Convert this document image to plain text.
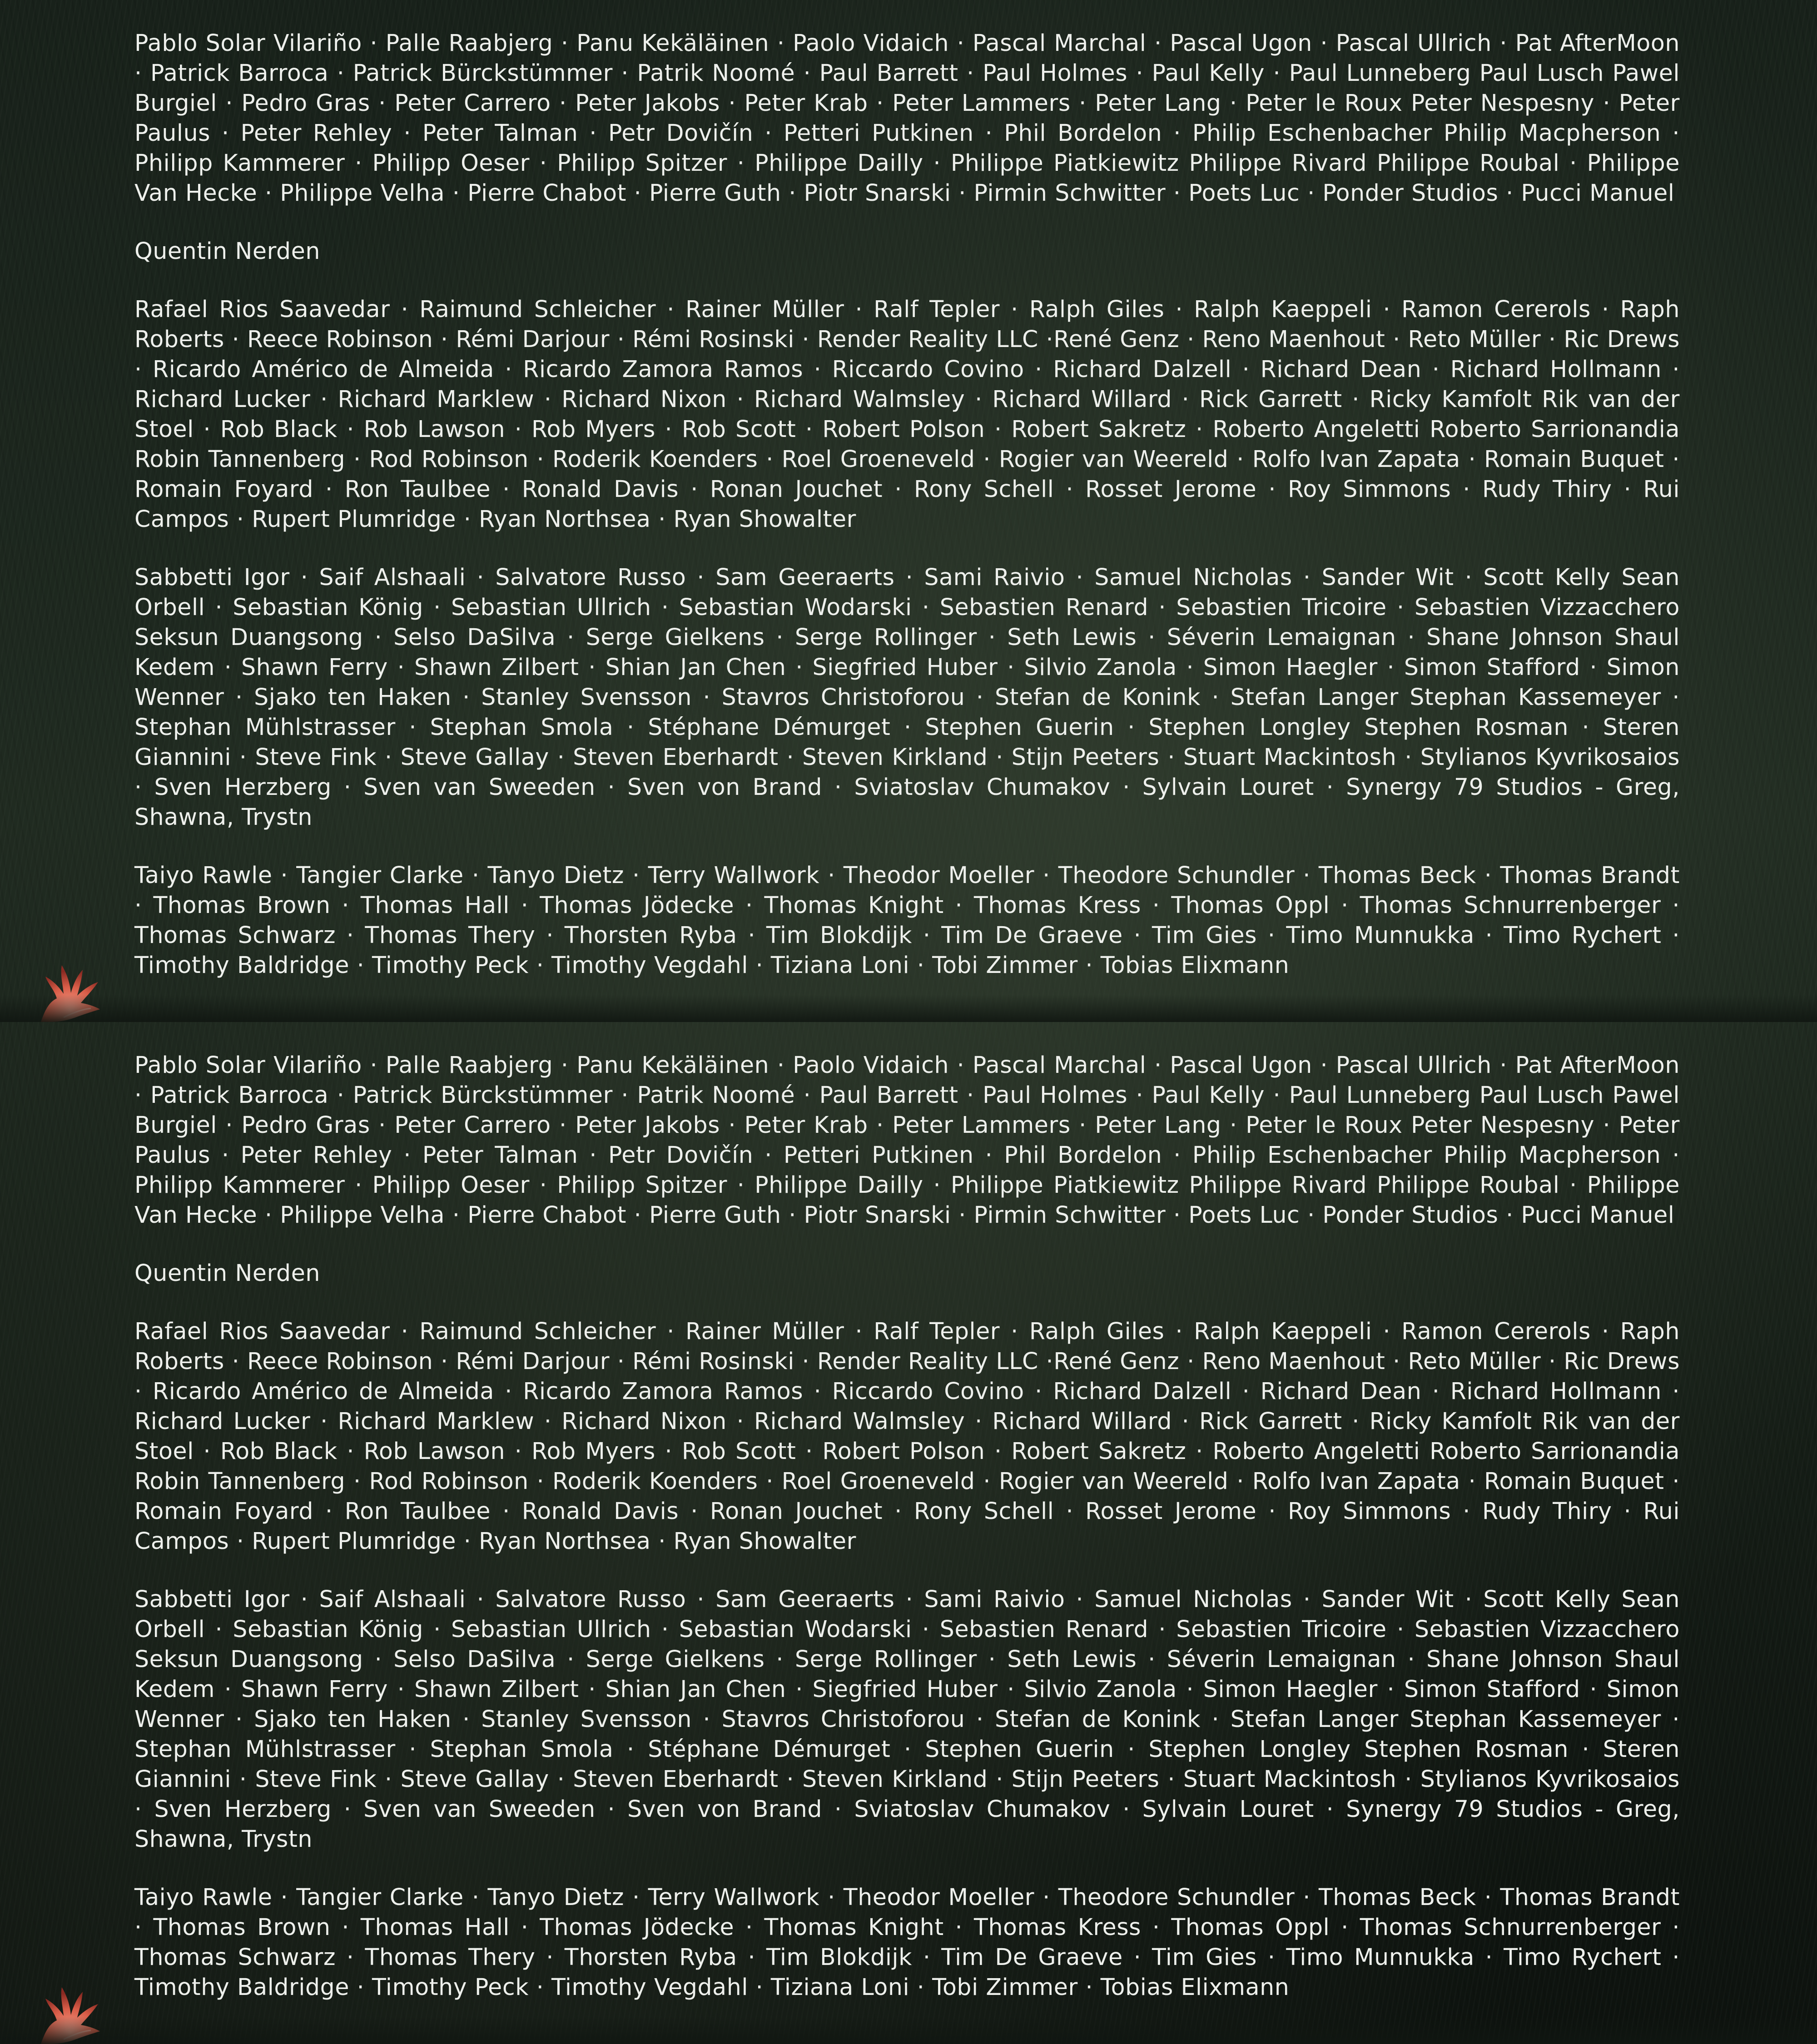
Pablo Solar Vilariño · Palle Raabjerg · Panu Kekäläinen · Paolo Vidaich · Pascal Marchal · Pascal Ugon · Pascal Ullrich · Pat AfterMoon · Patrick Barroca · Patrick Bürckstümmer · Patrik Noomé · Paul Barrett · Paul Holmes · Paul Kelly · Paul Lunneberg Paul Lusch Pawel Burgiel · Pedro Gras · Peter Carrero · Peter Jakobs · Peter Krab · Peter Lammers · Peter Lang · Peter le Roux Peter Nespesny · Peter Paulus · Peter Rehley · Peter Talman · Petr Dovičín · Petteri Putkinen · Phil Bordelon · Philip Eschenbacher Philip Macpherson · Philipp Kammerer · Philipp Oeser · Philipp Spitzer · Philippe Dailly · Philippe Piatkiewitz Philippe Rivard Philippe Roubal · Philippe Van Hecke · Philippe Velha · Pierre Chabot · Pierre Guth · Piotr Snarski · Pirmin Schwitter · Poets Luc · Ponder Studios · Pucci Manuel

Quentin Nerden

Rafael Rios Saavedar · Raimund Schleicher · Rainer Müller · Ralf Tepler · Ralph Giles · Ralph Kaeppeli · Ramon Cererols · Raph Roberts · Reece Robinson · Rémi Darjour · Rémi Rosinski · Render Reality LLC ·René Genz · Reno Maenhout · Reto Müller · Ric Drews · Ricardo Américo de Almeida · Ricardo Zamora Ramos · Riccardo Covino · Richard Dalzell · Richard Dean · Richard Hollmann · Richard Lucker · Richard Marklew · Richard Nixon · Richard Walmsley · Richard Willard · Rick Garrett · Ricky Kamfolt Rik van der Stoel · Rob Black · Rob Lawson · Rob Myers · Rob Scott · Robert Polson · Robert Sakretz · Roberto Angeletti Roberto Sarrionandia Robin Tannenberg · Rod Robinson · Roderik Koenders · Roel Groeneveld · Rogier van Weereld · Rolfo Ivan Zapata · Romain Buquet · Romain Foyard · Ron Taulbee · Ronald Davis · Ronan Jouchet · Rony Schell · Rosset Jerome · Roy Simmons · Rudy Thiry · Rui Campos · Rupert Plumridge · Ryan Northsea · Ryan Showalter

Sabbetti Igor · Saif Alshaali · Salvatore Russo · Sam Geeraerts · Sami Raivio · Samuel Nicholas · Sander Wit · Scott Kelly Sean Orbell · Sebastian König · Sebastian Ullrich · Sebastian Wodarski · Sebastien Renard · Sebastien Tricoire · Sebastien Vizzacchero Seksun Duangsong · Selso DaSilva · Serge Gielkens · Serge Rollinger · Seth Lewis · Séverin Lemaignan · Shane Johnson Shaul Kedem · Shawn Ferry · Shawn Zilbert · Shian Jan Chen · Siegfried Huber · Silvio Zanola · Simon Haegler · Simon Stafford · Simon Wenner · Sjako ten Haken · Stanley Svensson · Stavros Christoforou · Stefan de Konink · Stefan Langer Stephan Kassemeyer · Stephan Mühlstrasser · Stephan Smola · Stéphane Démurget · Stephen Guerin · Stephen Longley Stephen Rosman · Steren Giannini · Steve Fink · Steve Gallay · Steven Eberhardt · Steven Kirkland · Stijn Peeters · Stuart Mackintosh · Stylianos Kyvrikosaios · Sven Herzberg · Sven van Sweeden · Sven von Brand · Sviatoslav Chumakov · Sylvain Louret · Synergy 79 Studios - Greg, Shawna, Trystn

Taiyo Rawle · Tangier Clarke · Tanyo Dietz · Terry Wallwork · Theodor Moeller · Theodore Schundler · Thomas Beck · Thomas Brandt · Thomas Brown · Thomas Hall · Thomas Jödecke · Thomas Knight · Thomas Kress · Thomas Oppl · Thomas Schnurrenberger · Thomas Schwarz · Thomas Thery · Thorsten Ryba · Tim Blokdijk · Tim De Graeve · Tim Gies · Timo Munnukka · Timo Rychert · Timothy Baldridge · Timothy Peck · Timothy Vegdahl · Tiziana Loni · Tobi Zimmer · Tobias Elixmann

Pablo Solar Vilariño · Palle Raabjerg · Panu Kekäläinen · Paolo Vidaich · Pascal Marchal · Pascal Ugon · Pascal Ullrich · Pat AfterMoon · Patrick Barroca · Patrick Bürckstümmer · Patrik Noomé · Paul Barrett · Paul Holmes · Paul Kelly · Paul Lunneberg Paul Lusch Pawel Burgiel · Pedro Gras · Peter Carrero · Peter Jakobs · Peter Krab · Peter Lammers · Peter Lang · Peter le Roux Peter Nespesny · Peter Paulus · Peter Rehley · Peter Talman · Petr Dovičín · Petteri Putkinen · Phil Bordelon · Philip Eschenbacher Philip Macpherson · Philipp Kammerer · Philipp Oeser · Philipp Spitzer · Philippe Dailly · Philippe Piatkiewitz Philippe Rivard Philippe Roubal · Philippe Van Hecke · Philippe Velha · Pierre Chabot · Pierre Guth · Piotr Snarski · Pirmin Schwitter · Poets Luc · Ponder Studios · Pucci Manuel

Quentin Nerden

Rafael Rios Saavedar · Raimund Schleicher · Rainer Müller · Ralf Tepler · Ralph Giles · Ralph Kaeppeli · Ramon Cererols · Raph Roberts · Reece Robinson · Rémi Darjour · Rémi Rosinski · Render Reality LLC ·René Genz · Reno Maenhout · Reto Müller · Ric Drews · Ricardo Américo de Almeida · Ricardo Zamora Ramos · Riccardo Covino · Richard Dalzell · Richard Dean · Richard Hollmann · Richard Lucker · Richard Marklew · Richard Nixon · Richard Walmsley · Richard Willard · Rick Garrett · Ricky Kamfolt Rik van der Stoel · Rob Black · Rob Lawson · Rob Myers · Rob Scott · Robert Polson · Robert Sakretz · Roberto Angeletti Roberto Sarrionandia Robin Tannenberg · Rod Robinson · Roderik Koenders · Roel Groeneveld · Rogier van Weereld · Rolfo Ivan Zapata · Romain Buquet · Romain Foyard · Ron Taulbee · Ronald Davis · Ronan Jouchet · Rony Schell · Rosset Jerome · Roy Simmons · Rudy Thiry · Rui Campos · Rupert Plumridge · Ryan Northsea · Ryan Showalter

Sabbetti Igor · Saif Alshaali · Salvatore Russo · Sam Geeraerts · Sami Raivio · Samuel Nicholas · Sander Wit · Scott Kelly Sean Orbell · Sebastian König · Sebastian Ullrich · Sebastian Wodarski · Sebastien Renard · Sebastien Tricoire · Sebastien Vizzacchero Seksun Duangsong · Selso DaSilva · Serge Gielkens · Serge Rollinger · Seth Lewis · Séverin Lemaignan · Shane Johnson Shaul Kedem · Shawn Ferry · Shawn Zilbert · Shian Jan Chen · Siegfried Huber · Silvio Zanola · Simon Haegler · Simon Stafford · Simon Wenner · Sjako ten Haken · Stanley Svensson · Stavros Christoforou · Stefan de Konink · Stefan Langer Stephan Kassemeyer · Stephan Mühlstrasser · Stephan Smola · Stéphane Démurget · Stephen Guerin · Stephen Longley Stephen Rosman · Steren Giannini · Steve Fink · Steve Gallay · Steven Eberhardt · Steven Kirkland · Stijn Peeters · Stuart Mackintosh · Stylianos Kyvrikosaios · Sven Herzberg · Sven van Sweeden · Sven von Brand · Sviatoslav Chumakov · Sylvain Louret · Synergy 79 Studios - Greg, Shawna, Trystn

Taiyo Rawle · Tangier Clarke · Tanyo Dietz · Terry Wallwork · Theodor Moeller · Theodore Schundler · Thomas Beck · Thomas Brandt · Thomas Brown · Thomas Hall · Thomas Jödecke · Thomas Knight · Thomas Kress · Thomas Oppl · Thomas Schnurrenberger · Thomas Schwarz · Thomas Thery · Thorsten Ryba · Tim Blokdijk · Tim De Graeve · Tim Gies · Timo Munnukka · Timo Rychert · Timothy Baldridge · Timothy Peck · Timothy Vegdahl · Tiziana Loni · Tobi Zimmer · Tobias Elixmann
